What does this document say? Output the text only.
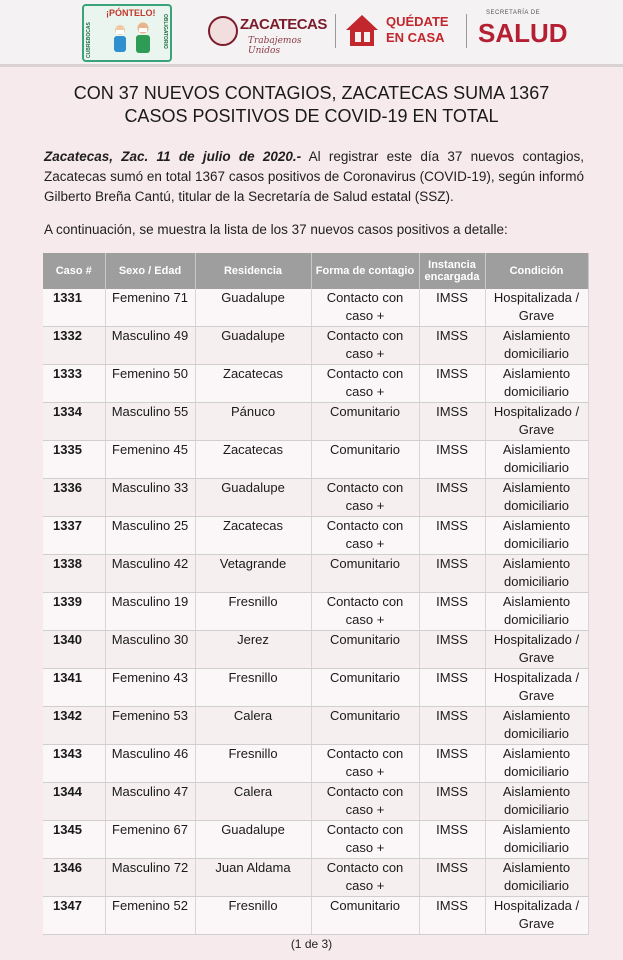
CUBREBOCAS
¡PÓNTELO!
OBLIGATORIO	ZACATECAS
Trabajemos Unidos
QUÉDATE
EN CASA
SECRETARÍA DE
SALUD
CON 37 NUEVOS CONTAGIOS, ZACATECAS SUMA 1367 CASOS POSITIVOS DE COVID-19 EN TOTAL
Zacatecas, Zac. 11 de julio de 2020.- Al registrar este día 37 nuevos contagios, Zacatecas sumó en total 1367 casos positivos de Coronavirus (COVID-19), según informó Gilberto Breña Cantú, titular de la Secretaría de Salud estatal (SSZ).
A continuación, se muestra la lista de los 37 nuevos casos positivos a detalle:
Caso #	Sexo / Edad	Residencia	Forma de contagio	Instancia encargada	Condición
1331	Femenino 71	Guadalupe	Contacto con caso +	IMSS	Hospitalizada / Grave
1332	Masculino 49	Guadalupe	Contacto con caso +	IMSS	Aislamiento domiciliario
1333	Femenino 50	Zacatecas	Contacto con caso +	IMSS	Aislamiento domiciliario
1334	Masculino 55	Pánuco	Comunitario	IMSS	Hospitalizado / Grave
1335	Femenino 45	Zacatecas	Comunitario	IMSS	Aislamiento domiciliario
1336	Masculino 33	Guadalupe	Contacto con caso +	IMSS	Aislamiento domiciliario
1337	Masculino 25	Zacatecas	Contacto con caso +	IMSS	Aislamiento domiciliario
1338	Masculino 42	Vetagrande	Comunitario	IMSS	Aislamiento domiciliario
1339	Masculino 19	Fresnillo	Contacto con caso +	IMSS	Aislamiento domiciliario
1340	Masculino 30	Jerez	Comunitario	IMSS	Hospitalizado / Grave
1341	Femenino 43	Fresnillo	Comunitario	IMSS	Hospitalizada / Grave
1342	Femenino 53	Calera	Comunitario	IMSS	Aislamiento domiciliario
1343	Masculino 46	Fresnillo	Contacto con caso +	IMSS	Aislamiento domiciliario
1344	Masculino 47	Calera	Contacto con caso +	IMSS	Aislamiento domiciliario
1345	Femenino 67	Guadalupe	Contacto con caso +	IMSS	Aislamiento domiciliario
1346	Masculino 72	Juan Aldama	Contacto con caso +	IMSS	Aislamiento domiciliario
1347	Femenino 52	Fresnillo	Comunitario	IMSS	Hospitalizada / Grave
(1 de 3)
